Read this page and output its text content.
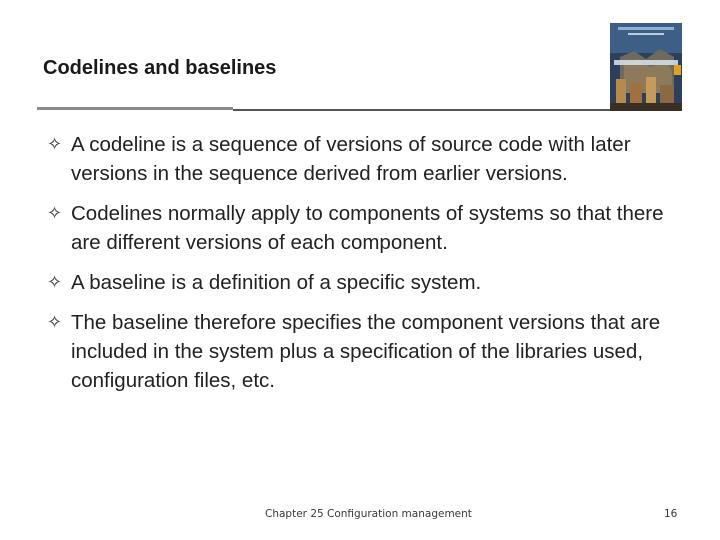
Codelines and baselines
✧ A codeline is a sequence of versions of source code with later versions in the sequence derived from earlier versions.
✧ Codelines normally apply to components of systems so that there are different versions of each component.
✧ A baseline is a definition of a specific system.
✧ The baseline therefore specifies the component versions that are included in the system plus a specification of the libraries used, configuration files, etc.
Chapter 25 Configuration management	16
